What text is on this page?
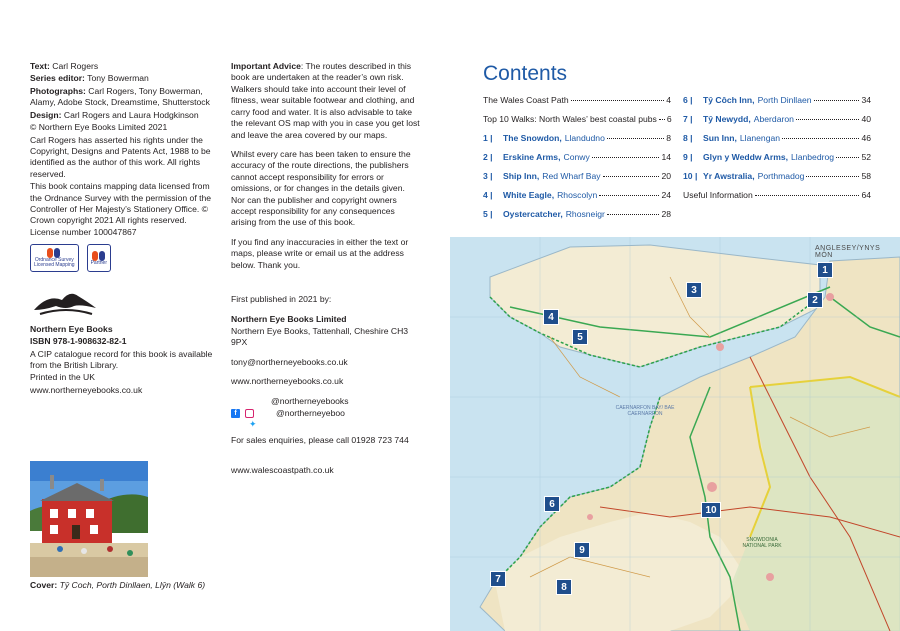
Text: Carl Rogers

Series editor: Tony Bowerman

Photographs: Carl Rogers, Tony Bowerman, Alamy, Adobe Stock, Dreamstime, Shutterstock

Design: Carl Rogers and Laura Hodgkinson

© Northern Eye Books Limited 2021

Carl Rogers has asserted his rights under the Copyright, Designs and Patents Act, 1988 to be identified as the author of this work. All rights reserved.

This book contains mapping data licensed from the Ordnance Survey with the permission of the Controller of Her Majesty’s Stationery Office. © Crown copyright 2021 All rights reserved. License number 100047867

Ordnance Survey
Licensed Mapping	Partner

Northern Eye Books

ISBN 978-1-908632-82-1

A CIP catalogue record for this book is available from the British Library.

Printed in the UK

www.northerneyebooks.co.uk

Cover: Tŷ Coch, Porth Dinllaen, Llŷn (Walk 6)

Important Advice: The routes described in this book are undertaken at the reader’s own risk. Walkers should take into account their level of fitness, wear suitable footwear and clothing, and carry food and water. It is also advisable to take the relevant OS map with you in case you get lost and leave the area covered by our maps.

Whilst every care has been taken to ensure the accuracy of the route directions, the publishers cannot accept responsibility for errors or omissions, or for changes in the details given. Nor can the publisher and copyright owners accept responsibility for any consequences arising from the use of this book.

If you find any inaccuracies in either the text or maps, please write or email us at the address below. Thank you.

First published in 2021 by:

Northern Eye Books Limited

Northern Eye Books, Tattenhall, Cheshire CH3 9PX

tony@northerneyebooks.co.uk

www.northerneyebooks.co.uk

@northerneyebooks

f	@northerneyeboo
✦

For sales enquiries, please call 01928 723 744

www.walescoastpath.co.uk

Contents
The Wales Coast Path	4
Top 10 Walks: North Wales’ best coastal pubs 6
1 |	The Snowdon, Llandudno	8
2 |	Erskine Arms, Conwy	14
3 |	Ship Inn, Red Wharf Bay	20
4 |	White Eagle, Rhoscolyn	24
5 |	Oystercatcher, Rhosneigr	28
6 |	Tŷ Côch Inn, Porth Dinllaen	34
7 |	Tŷ Newydd, Aberdaron	40
8 |	Sun Inn, Llanengan	46
9 |	Glyn y Weddw Arms, Llanbedrog	52
10 | Yr Awstralia, Porthmadog	58
Useful Information	64
ANGLESEY/YNYS MÔN
CAERNARFON BAY/ BAE CAERNARFON
SNOWDONIA NATIONAL PARK
1
2
3
4
5
6
7
8
9
10
